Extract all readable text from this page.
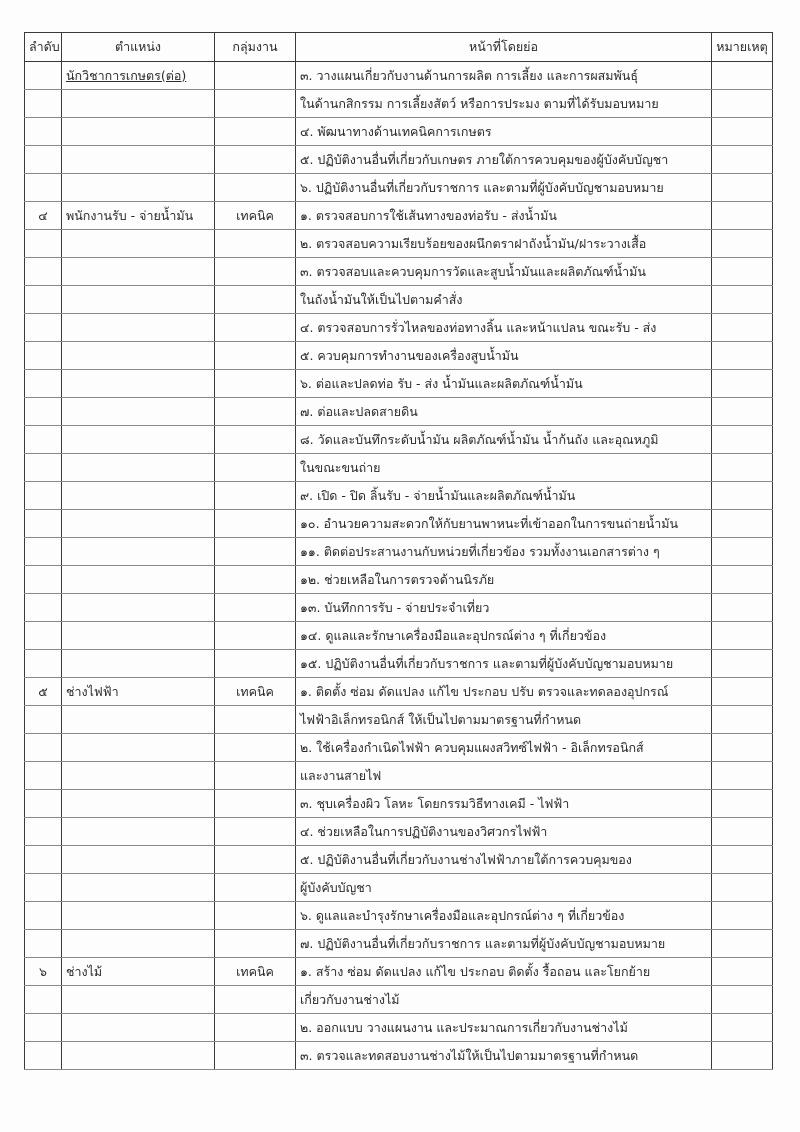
ลำดับ	ตำแหน่ง	กลุ่มงาน	หน้าที่โดยย่อ	หมายเหตุ
	นักวิชาการเกษตร(ต่อ)		๓. วางแผนเกี่ยวกับงานด้านการผลิต การเลี้ยง และการผสมพันธุ์	
			ในด้านกสิกรรม การเลี้ยงสัตว์ หรือการประมง ตามที่ได้รับมอบหมาย	
			๔. พัฒนาทางด้านเทคนิคการเกษตร	
			๕. ปฏิบัติงานอื่นที่เกี่ยวกับเกษตร ภายใต้การควบคุมของผู้บังคับบัญชา	
			๖. ปฏิบัติงานอื่นที่เกี่ยวกับราชการ และตามที่ผู้บังคับบัญชามอบหมาย	
๔	พนักงานรับ - จ่ายน้ำมัน	เทคนิค	๑. ตรวจสอบการใช้เส้นทางของท่อรับ - ส่งน้ำมัน	
			๒. ตรวจสอบความเรียบร้อยของผนึกตราฝาถังน้ำมัน/ฝาระวางเสื้อ	
			๓. ตรวจสอบและควบคุมการวัดและสูบน้ำมันและผลิตภัณฑ์น้ำมัน	
			ในถังน้ำมันให้เป็นไปตามคำสั่ง	
			๔. ตรวจสอบการรั่วไหลของท่อทางลิ้น และหน้าแปลน ขณะรับ - ส่ง	
			๕. ควบคุมการทำงานของเครื่องสูบน้ำมัน	
			๖. ต่อและปลดท่อ รับ - ส่ง น้ำมันและผลิตภัณฑ์น้ำมัน	
			๗. ต่อและปลดสายดิน	
			๘. วัดและบันทึกระดับน้ำมัน ผลิตภัณฑ์น้ำมัน น้ำก้นถัง และอุณหภูมิ	
			ในขณะขนถ่าย	
			๙. เปิด - ปิด ลิ้นรับ - จ่ายน้ำมันและผลิตภัณฑ์น้ำมัน	
			๑๐. อำนวยความสะดวกให้กับยานพาหนะที่เข้าออกในการขนถ่ายน้ำมัน	
			๑๑. ติดต่อประสานงานกับหน่วยที่เกี่ยวข้อง รวมทั้งงานเอกสารต่าง ๆ	
			๑๒. ช่วยเหลือในการตรวจด้านนิรภัย	
			๑๓. บันทึกการรับ - จ่ายประจำเที่ยว	
			๑๔. ดูแลและรักษาเครื่องมือและอุปกรณ์ต่าง ๆ ที่เกี่ยวข้อง	
			๑๕. ปฏิบัติงานอื่นที่เกี่ยวกับราชการ และตามที่ผู้บังคับบัญชามอบหมาย	
๕	ช่างไฟฟ้า	เทคนิค	๑. ติดตั้ง ซ่อม ดัดแปลง แก้ไข ประกอบ ปรับ ตรวจและทดลองอุปกรณ์	
			ไฟฟ้าอิเล็กทรอนิกส์ ให้เป็นไปตามมาตรฐานที่กำหนด	
			๒. ใช้เครื่องกำเนิดไฟฟ้า ควบคุมแผงสวิทซ์ไฟฟ้า - อิเล็กทรอนิกส์	
			และงานสายไฟ	
			๓. ชุบเครื่องผิว โลหะ โดยกรรมวิธีทางเคมี - ไฟฟ้า	
			๔. ช่วยเหลือในการปฏิบัติงานของวิศวกรไฟฟ้า	
			๕. ปฏิบัติงานอื่นที่เกี่ยวกับงานช่างไฟฟ้าภายใต้การควบคุมของ	
			ผู้บังคับบัญชา	
			๖. ดูแลและบำรุงรักษาเครื่องมือและอุปกรณ์ต่าง ๆ ที่เกี่ยวข้อง	
			๗. ปฏิบัติงานอื่นที่เกี่ยวกับราชการ และตามที่ผู้บังคับบัญชามอบหมาย	
๖	ช่างไม้	เทคนิค	๑. สร้าง ซ่อม ดัดแปลง แก้ไข ประกอบ ติดตั้ง รื้อถอน และโยกย้าย	
			เกี่ยวกับงานช่างไม้	
			๒. ออกแบบ วางแผนงาน และประมาณการเกี่ยวกับงานช่างไม้	
			๓. ตรวจและทดสอบงานช่างไม้ให้เป็นไปตามมาตรฐานที่กำหนด	
